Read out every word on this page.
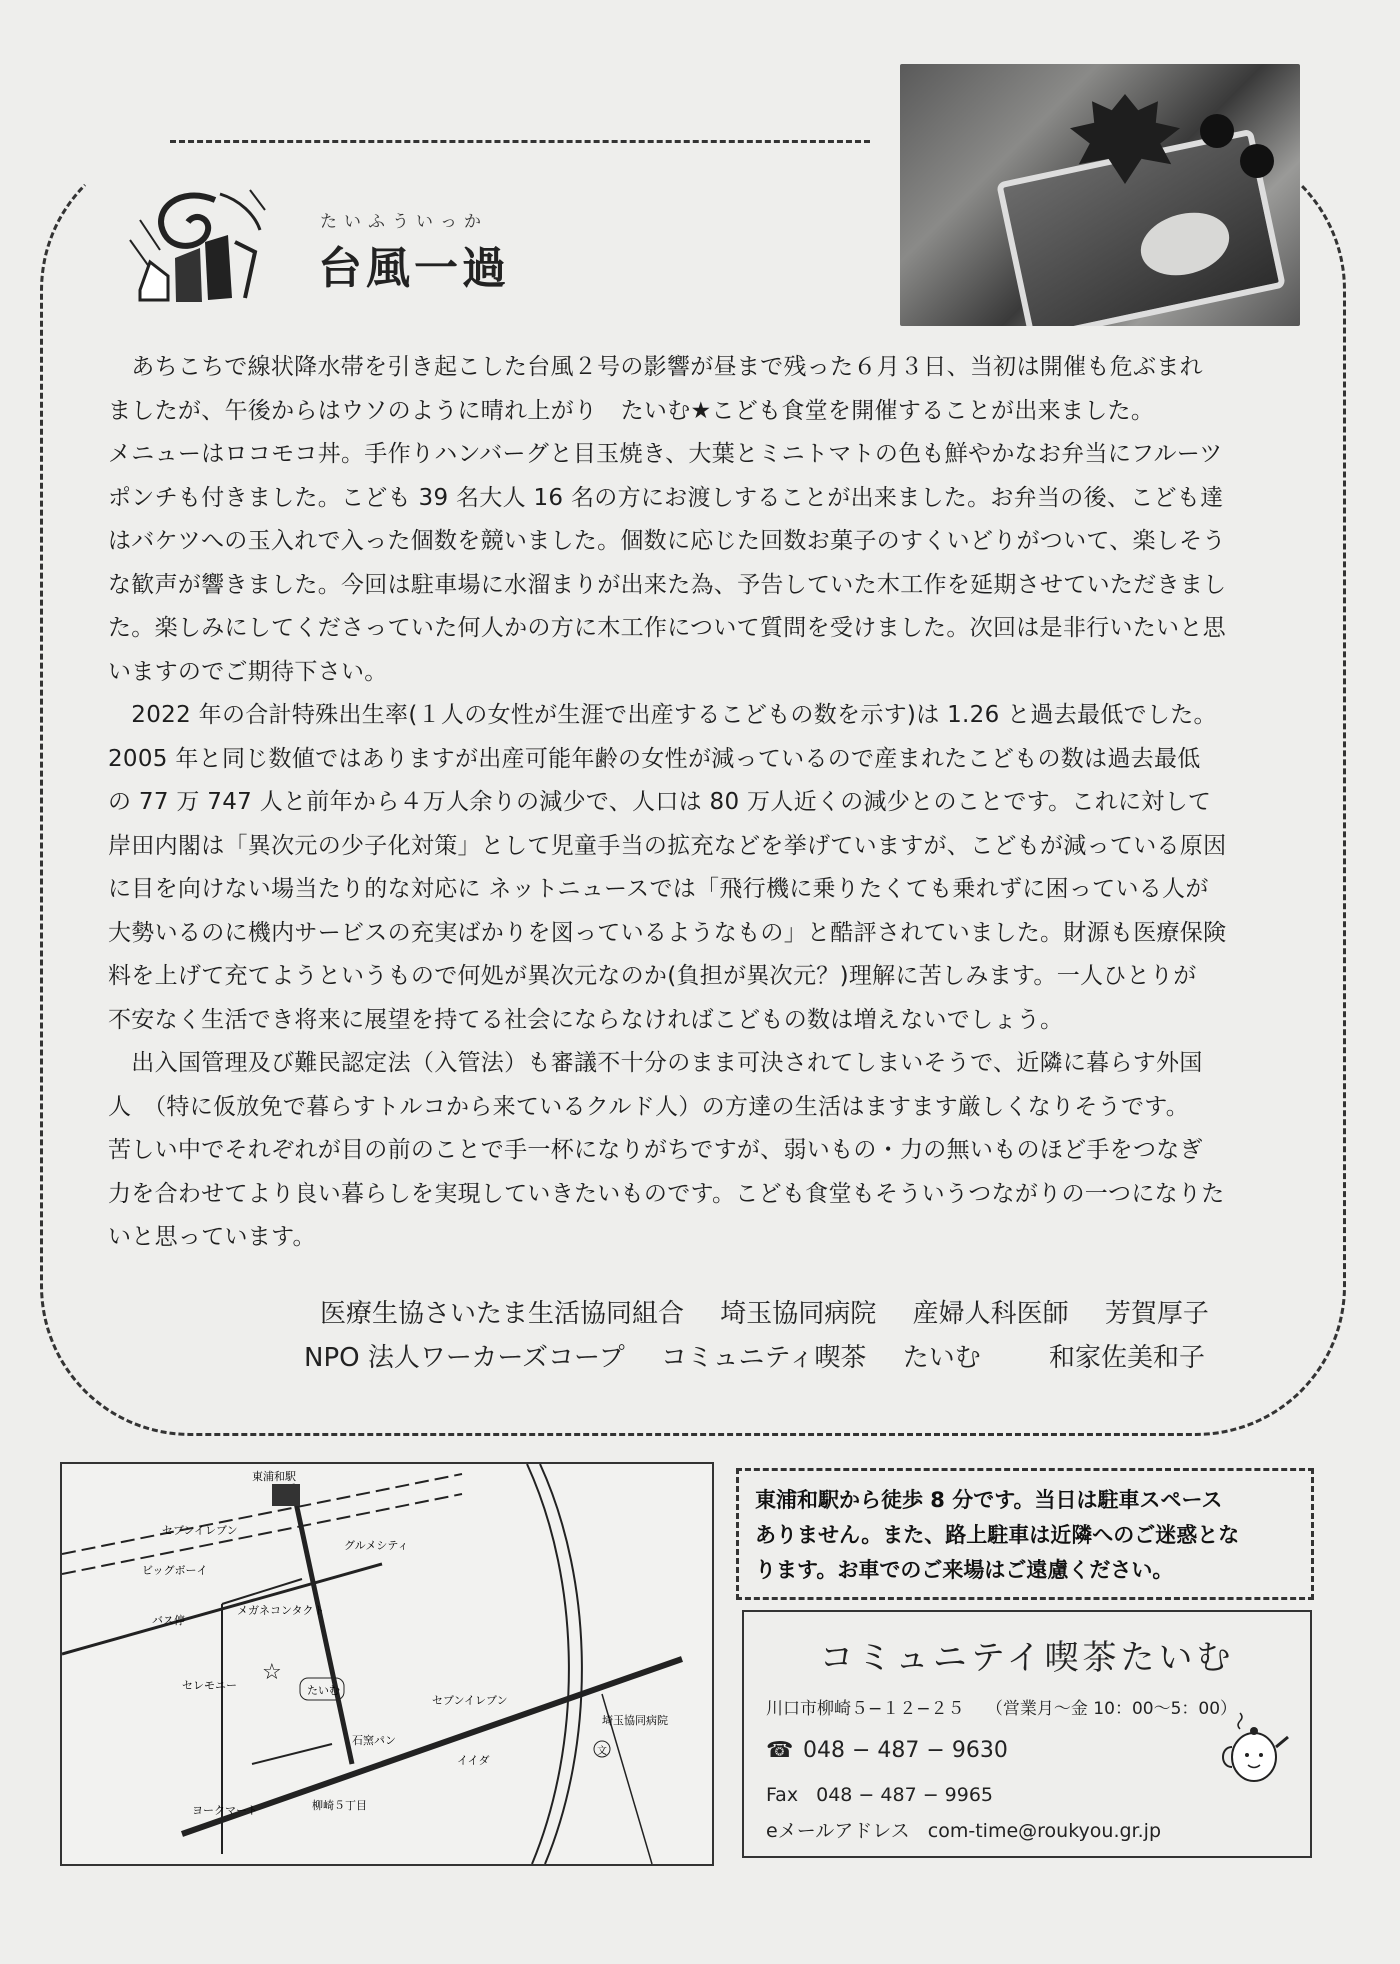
たいふういっか
台風一過

　あちこちで線状降水帯を引き起こした台風２号の影響が昼まで残った６月３日、当初は開催も危ぶまれ

ましたが、午後からはウソのように晴れ上がり　たいむ★こども食堂を開催することが出来ました。

メニューはロコモコ丼。手作りハンバーグと目玉焼き、大葉とミニトマトの色も鮮やかなお弁当にフルーツ

ポンチも付きました。こども 39 名大人 16 名の方にお渡しすることが出来ました。お弁当の後、こども達

はバケツへの玉入れで入った個数を競いました。個数に応じた回数お菓子のすくいどりがついて、楽しそう

な歓声が響きました。今回は駐車場に水溜まりが出来た為、予告していた木工作を延期させていただきまし

た。楽しみにしてくださっていた何人かの方に木工作について質問を受けました。次回は是非行いたいと思

いますのでご期待下さい。

　2022 年の合計特殊出生率(１人の女性が生涯で出産するこどもの数を示す)は 1.26 と過去最低でした。

2005 年と同じ数値ではありますが出産可能年齢の女性が減っているので産まれたこどもの数は過去最低

の 77 万 747 人と前年から４万人余りの減少で、人口は 80 万人近くの減少とのことです。これに対して

岸田内閣は「異次元の少子化対策」として児童手当の拡充などを挙げていますが、こどもが減っている原因

に目を向けない場当たり的な対応に ネットニュースでは「飛行機に乗りたくても乗れずに困っている人が

大勢いるのに機内サービスの充実ばかりを図っているようなもの」と酷評されていました。財源も医療保険

料を上げて充てようというもので何処が異次元なのか(負担が異次元？)理解に苦しみます。一人ひとりが

不安なく生活でき将来に展望を持てる社会にならなければこどもの数は増えないでしょう。

　出入国管理及び難民認定法（入管法）も審議不十分のまま可決されてしまいそうで、近隣に暮らす外国

人　（特に仮放免で暮らすトルコから来ているクルド人）の方達の生活はますます厳しくなりそうです。

苦しい中でそれぞれが目の前のことで手一杯になりがちですが、弱いもの・力の無いものほど手をつなぎ

力を合わせてより良い暮らしを実現していきたいものです。こども食堂もそういうつながりの一つになりた

いと思っています。

医療生協さいたま生活協同組合 埼玉協同病院 産婦人科医師 芳賀厚子
NPO 法人ワーカーズコープ コミュニティ喫茶 たいむ	和家佐美和子
東浦和駅
セブンイレブン
グルメシティ
ビッグボーイ
バス停
メガネコンタクト
セレモニー
☆
たいむ
セブンイレブン
埼玉協同病院
石窯パン
イイダ
ヨークマート	柳崎５丁目
文

東浦和駅から徒歩 8 分です。当日は駐車スペース

ありません。また、路上駐車は近隣へのご迷惑とな

ります。お車でのご来場はご遠慮ください。

コミュニテイ喫茶たいむ
川口市柳崎５−１２−２５ （営業月〜金 10：00〜5：00）
☎ 048 − 487 − 9630
Fax 048 − 487 − 9965
eメールアドレス com-time@roukyou.gr.jp
